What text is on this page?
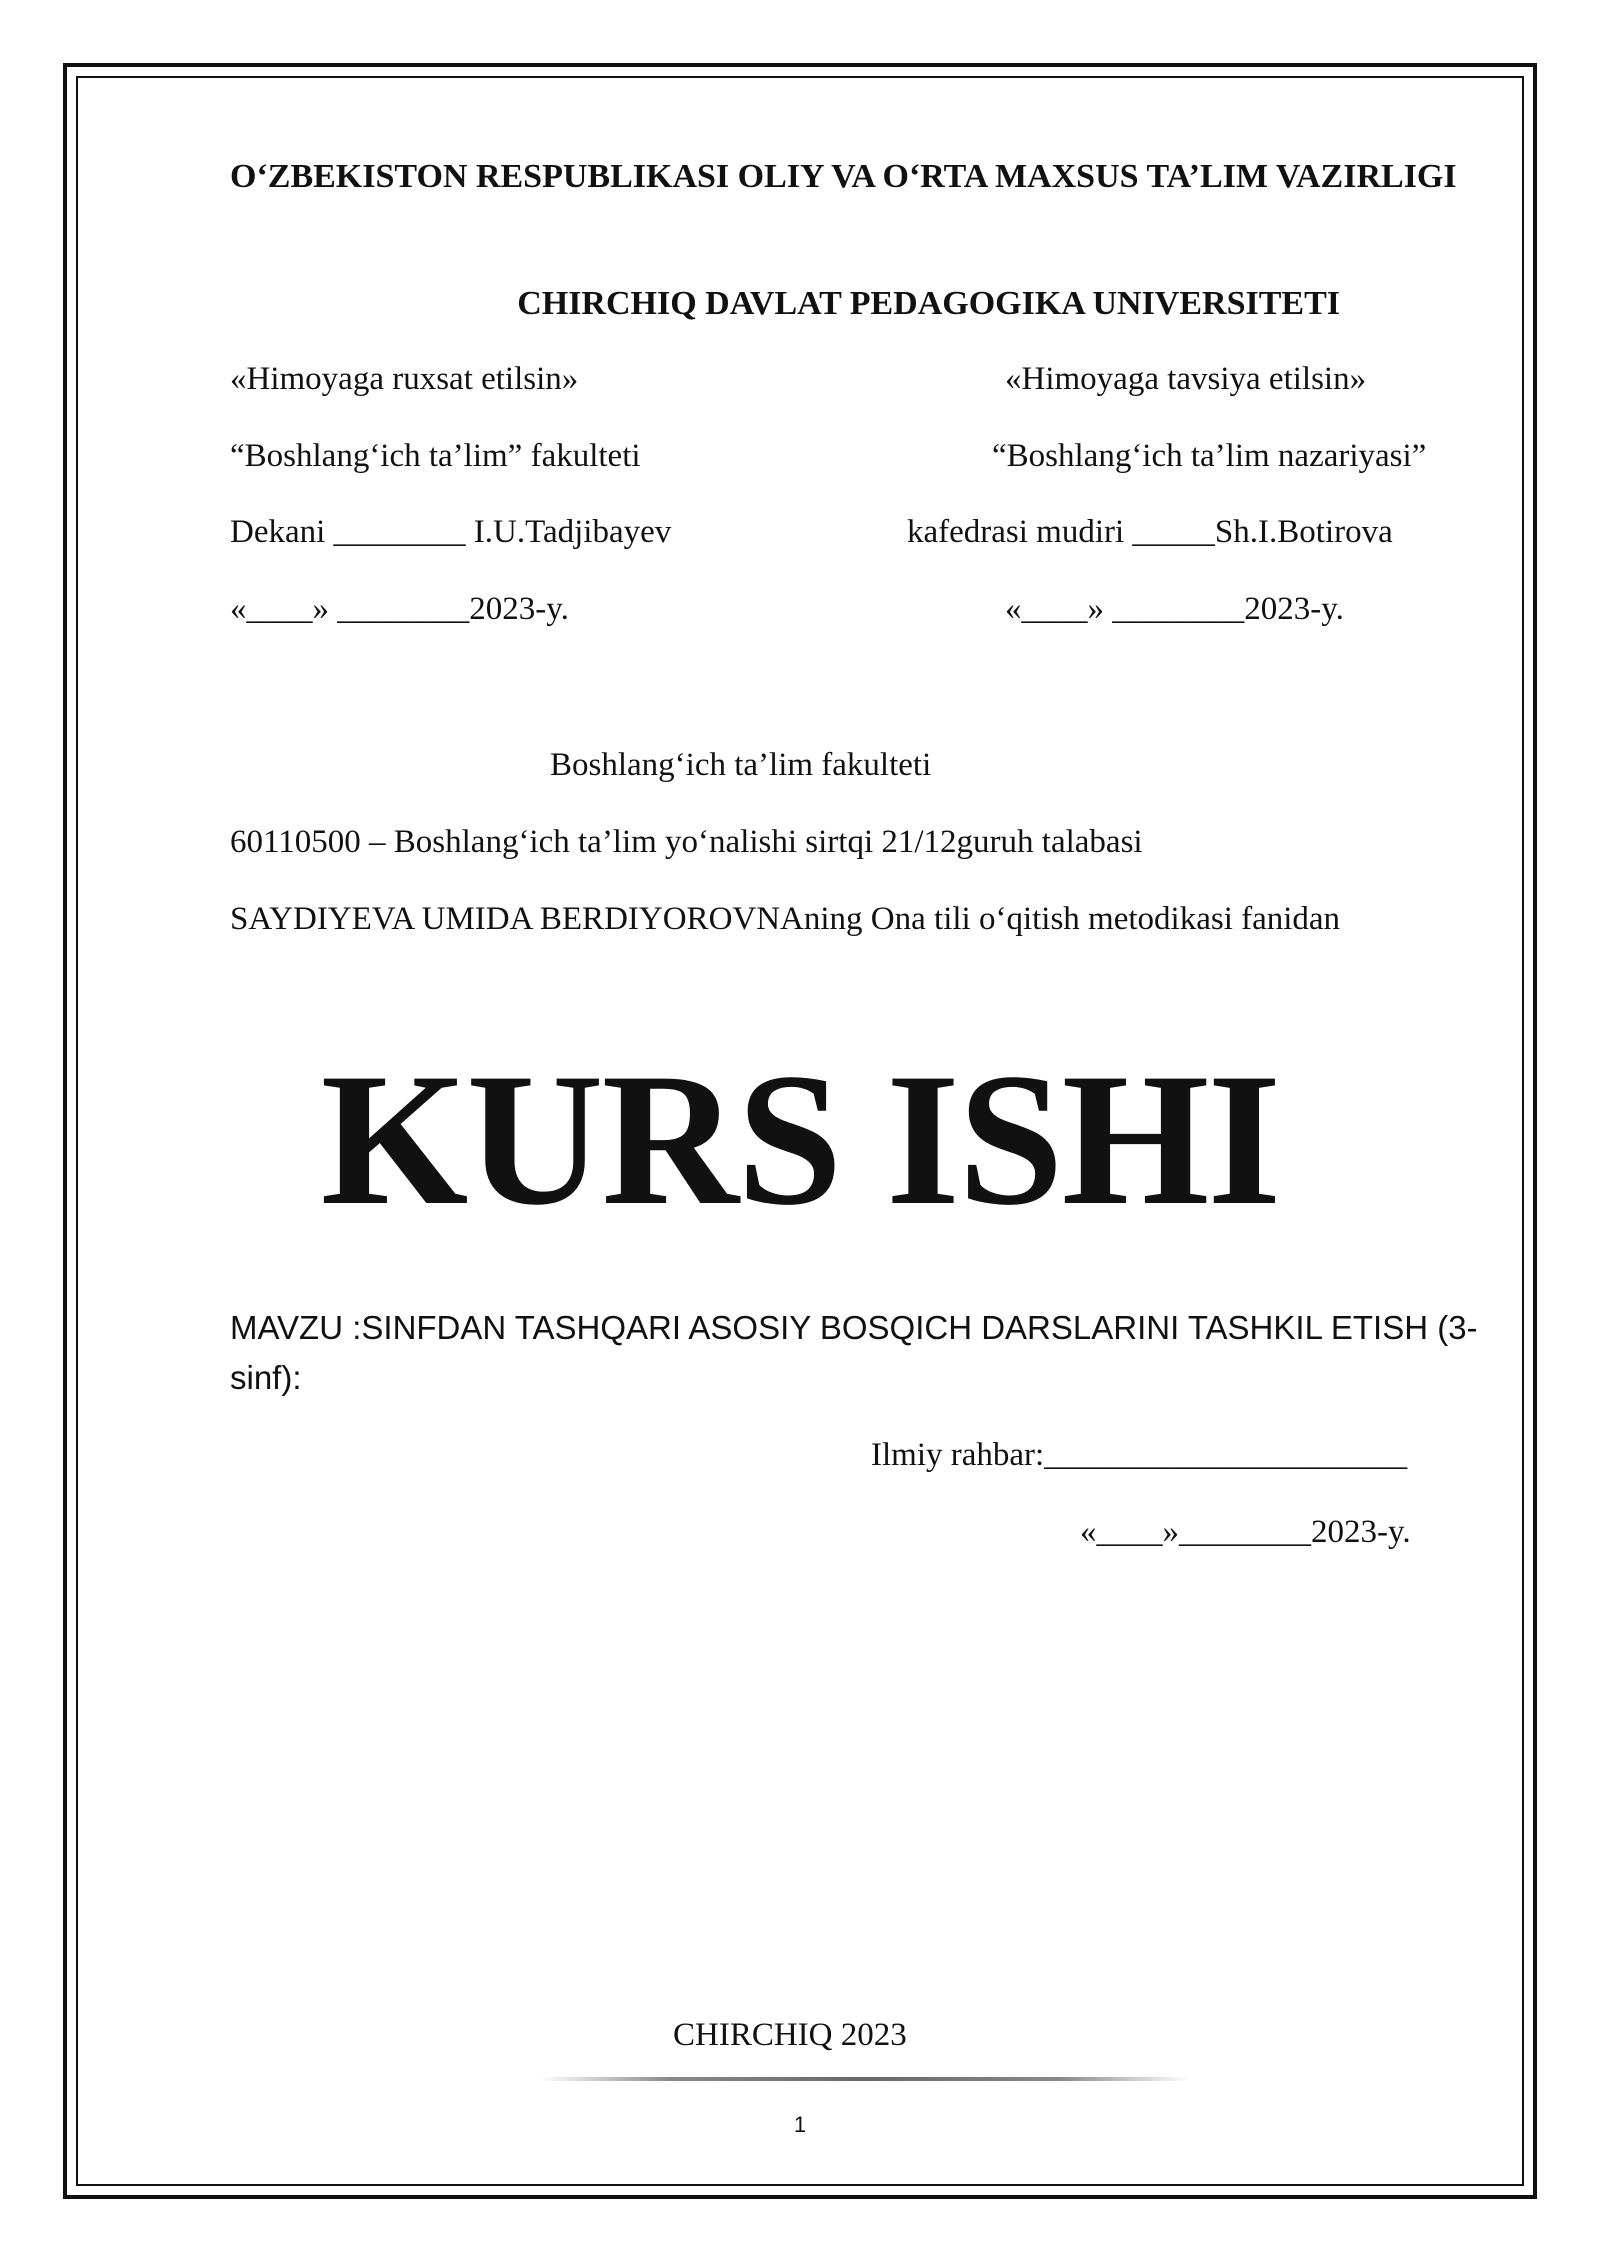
O‘ZBEKISTON RESPUBLIKASI OLIY VA O‘RTA MAXSUS TA’LIM VAZIRLIGI

CHIRCHIQ DAVLAT PEDAGOGIKA UNIVERSITETI

«Himoyaga ruxsat etilsin»

“Boshlang‘ich ta’lim” fakulteti

Dekani ________ I.U.Tadjibayev

«____» ________2023-y.

«Himoyaga tavsiya etilsin»

“Boshlang‘ich ta’lim nazariyasi”

kafedrasi mudiri _____Sh.I.Botirova

«____» ________2023-y.

Boshlang‘ich ta’lim fakulteti

60110500 – Boshlang‘ich ta’lim yo‘nalishi sirtqi 21/12guruh talabasi

SAYDIYEVA UMIDA BERDIYOROVNAning Ona tili o‘qitish metodikasi fanidan

KURS ISHI

MAVZU :SINFDAN TASHQARI ASOSIY BOSQICH DARSLARINI TASHKIL ETISH (3-sinf):

Ilmiy rahbar:______________________

«____»________2023-y.

CHIRCHIQ 2023

1
